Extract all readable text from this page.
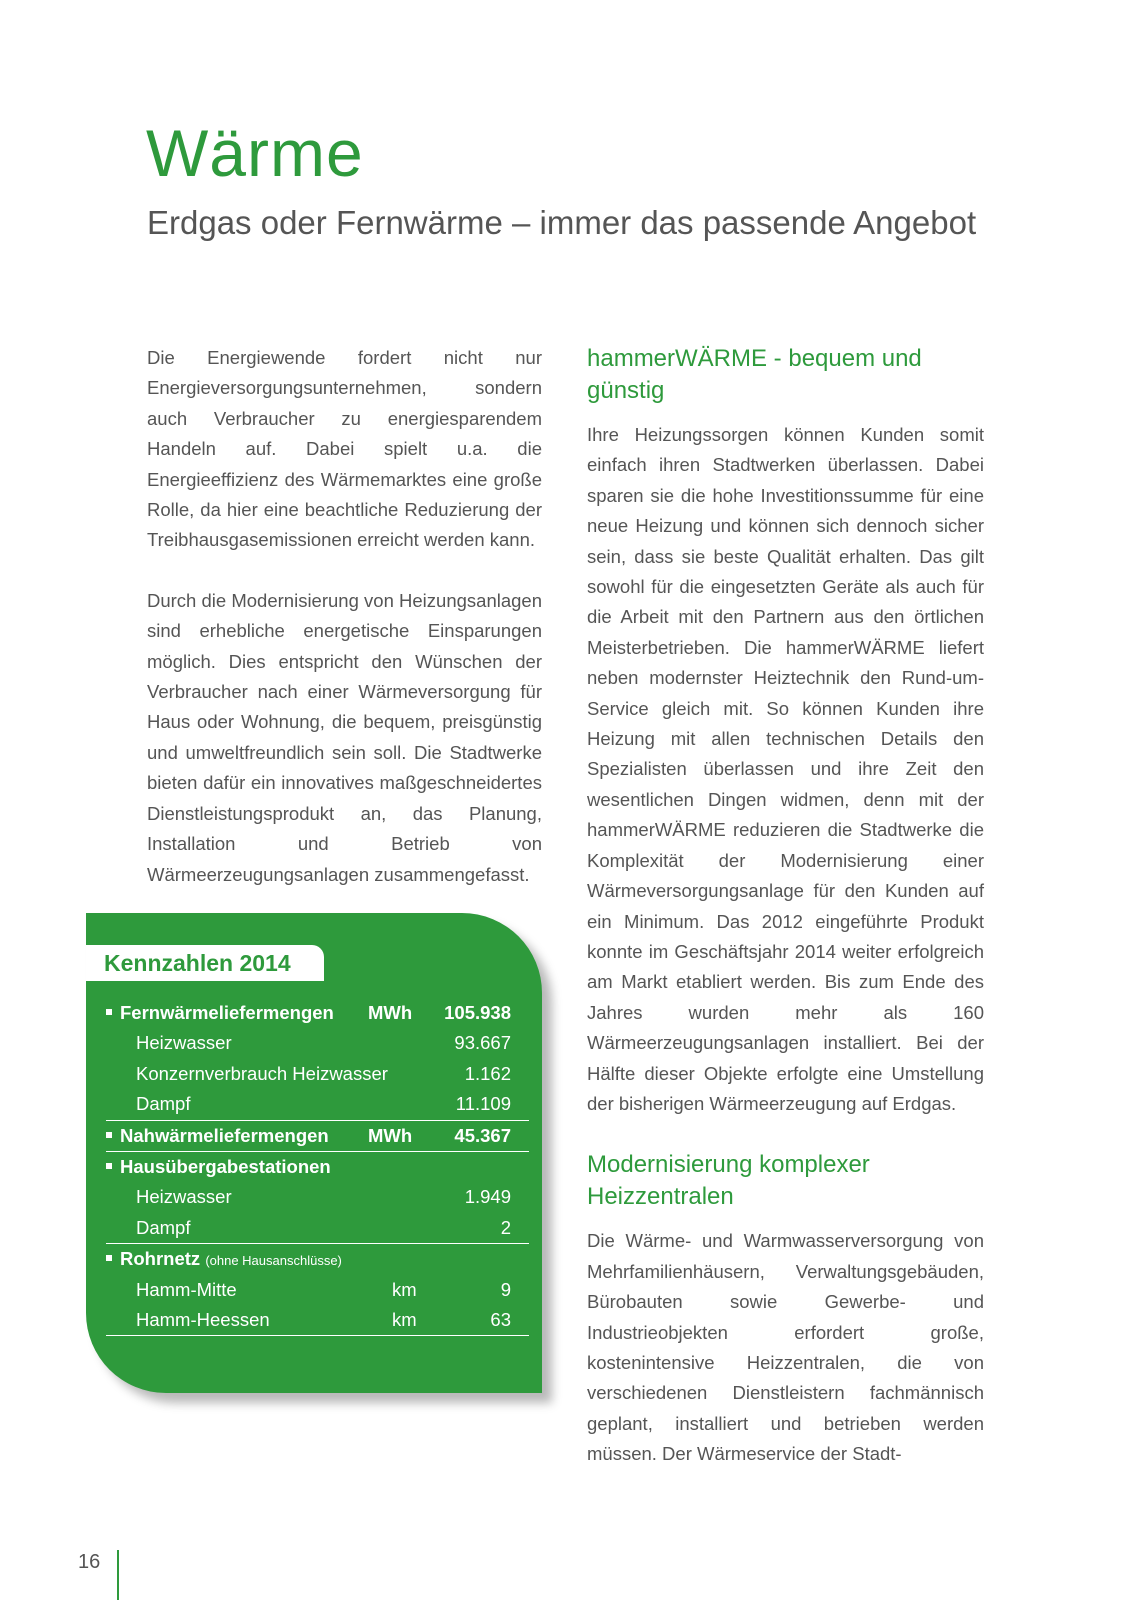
Wärme
Erdgas oder Fernwärme – immer das passende Angebot

Die Energiewende fordert nicht nur Energieversorgungsunternehmen, sondern auch Verbraucher zu energiesparendem Handeln auf. Dabei spielt u.a. die Energieeffizienz des Wärmemarktes eine große Rolle, da hier eine beachtliche Reduzierung der Treibhausgasemissionen erreicht werden kann.

Durch die Modernisierung von Heizungsanlagen sind erhebliche energetische Einsparungen möglich. Dies entspricht den Wünschen der Verbraucher nach einer Wärmeversorgung für Haus oder Wohnung, die bequem, preisgünstig und umweltfreundlich sein soll. Die Stadtwerke bieten dafür ein innovatives maßgeschneidertes Dienstleistungsprodukt an, das Planung, Installation und Betrieb von Wärmeerzeugungsanlagen zusammengefasst.

hammerWÄRME - bequem und günstig

Ihre Heizungssorgen können Kunden somit einfach ihren Stadtwerken überlassen. Dabei sparen sie die hohe Investitionssumme für eine neue Heizung und können sich dennoch sicher sein, dass sie beste Qualität erhalten. Das gilt sowohl für die eingesetzten Geräte als auch für die Arbeit mit den Partnern aus den örtlichen Meisterbetrieben. Die hammerWÄRME liefert neben modernster Heiztechnik den Rund-um-Service gleich mit. So können Kunden ihre Heizung mit allen technischen Details den Spezialisten überlassen und ihre Zeit den wesentlichen Dingen widmen, denn mit der hammerWÄRME reduzieren die Stadtwerke die Komplexität der Modernisierung einer Wärmeversorgungsanlage für den Kunden auf ein Minimum. Das 2012 eingeführte Produkt konnte im Geschäftsjahr 2014 weiter erfolgreich am Markt etabliert werden. Bis zum Ende des Jahres wurden mehr als 160 Wärmeerzeugungsanlagen installiert. Bei der Hälfte dieser Objekte erfolgte eine Umstellung der bisherigen Wärmeerzeugung auf Erdgas.

Modernisierung komplexer Heizzentralen

Die Wärme- und Warmwasserversorgung von Mehrfamilienhäusern, Verwaltungsgebäuden, Bürobauten sowie Gewerbe- und Industrieobjekten erfordert große, kostenintensive Heizzentralen, die von verschiedenen Dienstleistern fachmännisch geplant, installiert und betrieben werden müssen. Der Wärmeservice der Stadt-

Kennzahlen 2014
Fernwärmeliefermengen MWh 105.938
Heizwasser	93.667
Konzernverbrauch Heizwasser	1.162
Dampf	11.109
Nahwärmeliefermengen MWh 45.367
Hausübergabestationen
Heizwasser	1.949
Dampf	2
Rohrnetz (ohne Hausanschlüsse)
Hamm-Mitte	km	9
Hamm-Heessen	km	63
16
